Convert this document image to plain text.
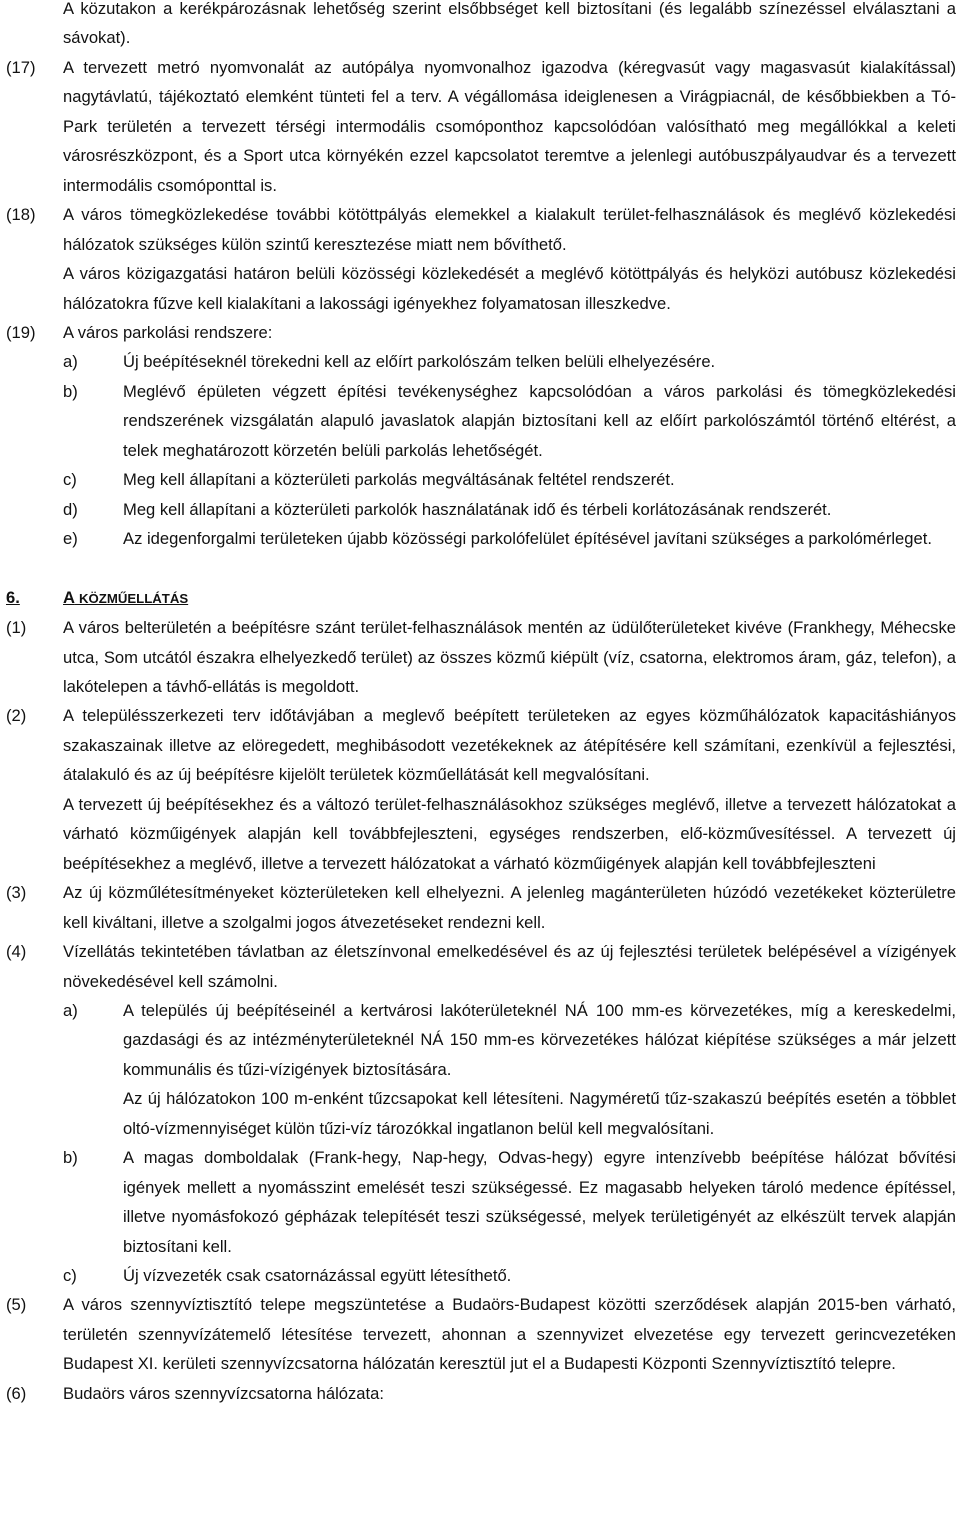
A közutakon a kerékpározásnak lehetőség szerint elsőbbséget kell biztosítani (és legalább színezéssel elválasztani a sávokat).
(17) A tervezett metró nyomvonalát az autópálya nyomvonalhoz igazodva (kéregvasút vagy magasvasút kialakítással) nagytávlatú, tájékoztató elemként tünteti fel a terv. A végállomása ideiglenesen a Virágpiacnál, de későbbiekben a Tó-Park területén a tervezett térségi intermodális csomóponthoz kapcsolódóan valósítható meg megállókkal a keleti városrészközpont, és a Sport utca környékén ezzel kapcsolatot teremtve a jelenlegi autóbuszpályaudvar és a tervezett intermodális csomóponttal is.
(18) A város tömegközlekedése további kötöttpályás elemekkel a kialakult terület-felhasználások és meglévő közlekedési hálózatok szükséges külön szintű keresztezése miatt nem bővíthető.
A város közigazgatási határon belüli közösségi közlekedését a meglévő kötöttpályás és helyközi autóbusz közlekedési hálózatokra fűzve kell kialakítani a lakossági igényekhez folyamatosan illeszkedve.
(19) A város parkolási rendszere:
a)	Új beépítéseknél törekedni kell az előírt parkolószám telken belüli elhelyezésére.
b)	Meglévő épületen végzett építési tevékenységhez kapcsolódóan a város parkolási és tömegközlekedési rendszerének vizsgálatán alapuló javaslatok alapján biztosítani kell az előírt parkolószámtól történő eltérést, a telek meghatározott körzetén belüli parkolás lehetőségét.
c)	Meg kell állapítani a közterületi parkolás megváltásának feltétel rendszerét.
d)	Meg kell állapítani a közterületi parkolók használatának idő és térbeli korlátozásának rendszerét.
e)	Az idegenforgalmi területeken újabb közösségi parkolófelület építésével javítani szükséges a parkolómérleget.
6.	A KÖZMŰELLÁTÁS
(1) A város belterületén a beépítésre szánt terület-felhasználások mentén az üdülőterületeket kivéve (Frankhegy, Méhecske utca, Som utcától északra elhelyezkedő terület) az összes közmű kiépült (víz, csatorna, elektromos áram, gáz, telefon), a lakótelepen a távhő-ellátás is megoldott.
(2) A településszerkezeti terv időtávjában a meglevő beépített területeken az egyes közműhálózatok kapacitáshiányos szakaszainak illetve az elöregedett, meghibásodott vezetékeknek az átépítésére kell számítani, ezenkívül a fejlesztési, átalakuló és az új beépítésre kijelölt területek közműellátását kell megvalósítani.
A tervezett új beépítésekhez és a változó terület-felhasználásokhoz szükséges meglévő, illetve a tervezett hálózatokat a várható közműigények alapján kell továbbfejleszteni, egységes rendszerben, elő-közművesítéssel. A tervezett új beépítésekhez a meglévő, illetve a tervezett hálózatokat a várható közműigények alapján kell továbbfejleszteni
(3) Az új közműlétesítményeket közterületeken kell elhelyezni. A jelenleg magánterületen húzódó vezetékeket közterületre kell kiváltani, illetve a szolgalmi jogos átvezetéseket rendezni kell.
(4) Vízellátás tekintetében távlatban az életszínvonal emelkedésével és az új fejlesztési területek belépésével a vízigények növekedésével kell számolni.
a)	A település új beépítéseinél a kertvárosi lakóterületeknél NÁ 100 mm-es körvezetékes, míg a kereskedelmi, gazdasági és az intézményterületeknél NÁ 150 mm-es körvezetékes hálózat kiépítése szükséges a már jelzett kommunális és tűzi-vízigények biztosítására.
Az új hálózatokon 100 m-enként tűzcsapokat kell létesíteni. Nagyméretű tűz-szakaszú beépítés esetén a többlet oltó-vízmennyiséget külön tűzi-víz tározókkal ingatlanon belül kell megvalósítani.
b)	A magas domboldalak (Frank-hegy, Nap-hegy, Odvas-hegy) egyre intenzívebb beépítése hálózat bővítési igények mellett a nyomásszint emelését teszi szükségessé. Ez magasabb helyeken tároló medence építéssel, illetve nyomásfokozó gépházak telepítését teszi szükségessé, melyek területigényét az elkészült tervek alapján biztosítani kell.
c)	Új vízvezeték csak csatornázással együtt létesíthető.
(5) A város szennyvíztisztító telepe megszüntetése a Budaörs-Budapest közötti szerződések alapján 2015-ben várható, területén szennyvízátemelő létesítése tervezett, ahonnan a szennyvizet elvezetése egy tervezett gerincvezetéken Budapest XI. kerületi szennyvízcsatorna hálózatán keresztül jut el a Budapesti Központi Szennyvíztisztító telepre.
(6) Budaörs város szennyvízcsatorna hálózata:
